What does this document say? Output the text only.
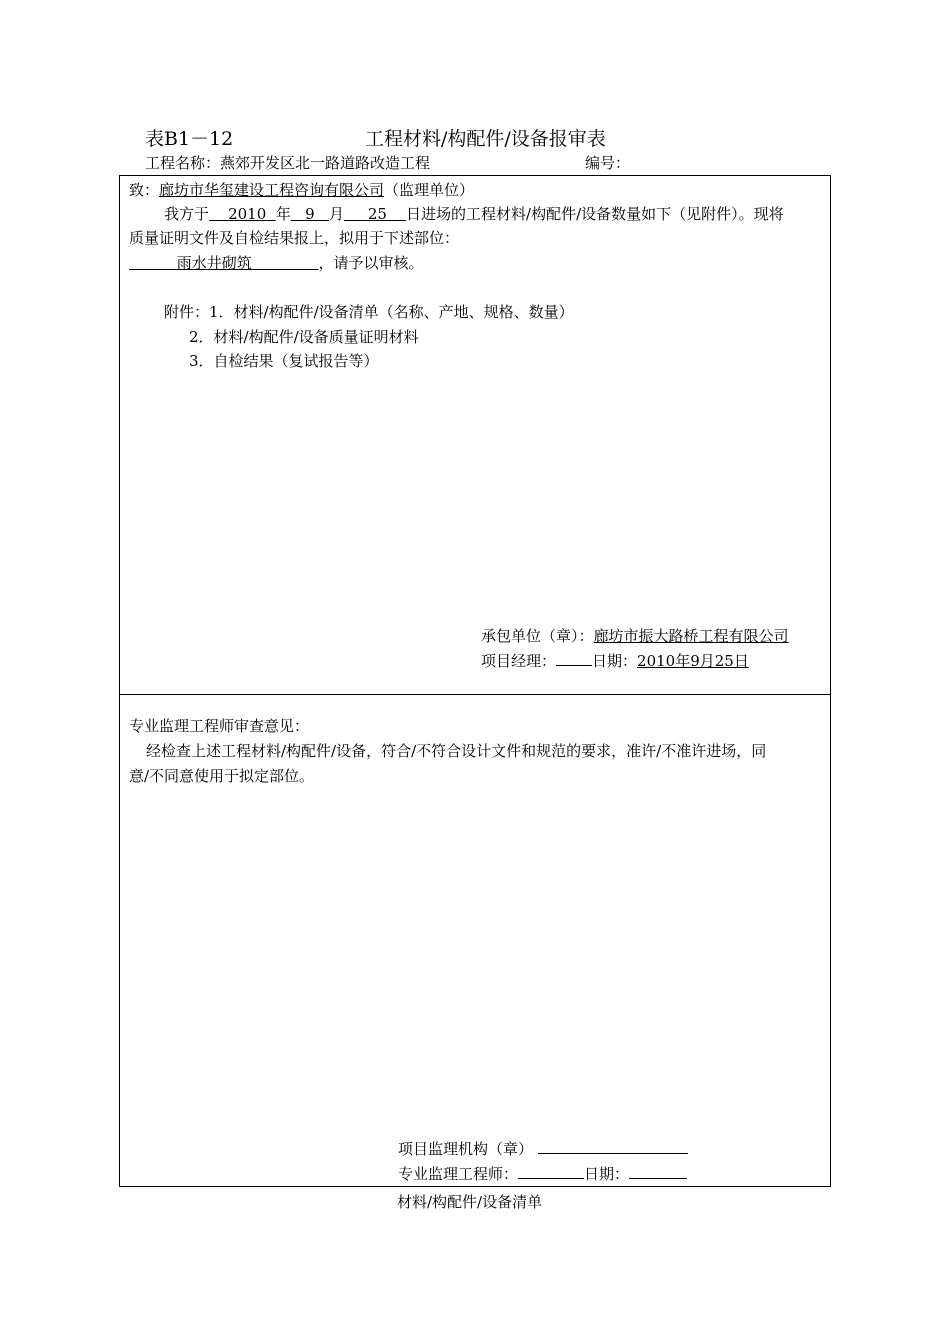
表B1－12	工程材料/构配件/设备报审表
工程名称：燕郊开发区北一路道路改造工程	编号：
致：廊坊市华玺建设工程咨询有限公司（监理单位）
我方于 2010 年 9 月 25 日进场的工程材料/构配件/设备数量如下（见附件）。现将
质量证明文件及自检结果报上，拟用于下述部位：
雨水井砌筑	，请予以审核。
附件：1．材料/构配件/设备清单（名称、产地、规格、数量）
2．材料/构配件/设备质量证明材料
3．自检结果（复试报告等）
承包单位（章）：廊坊市振大路桥工程有限公司
项目经理： 日期：2010年9月25日
专业监理工程师审查意见：
经检查上述工程材料/构配件/设备，符合/不符合设计文件和规范的要求，准许/不准许进场，同
意/不同意使用于拟定部位。
项目监理机构（章）
专业监理工程师：	日期：
材料/构配件/设备清单
